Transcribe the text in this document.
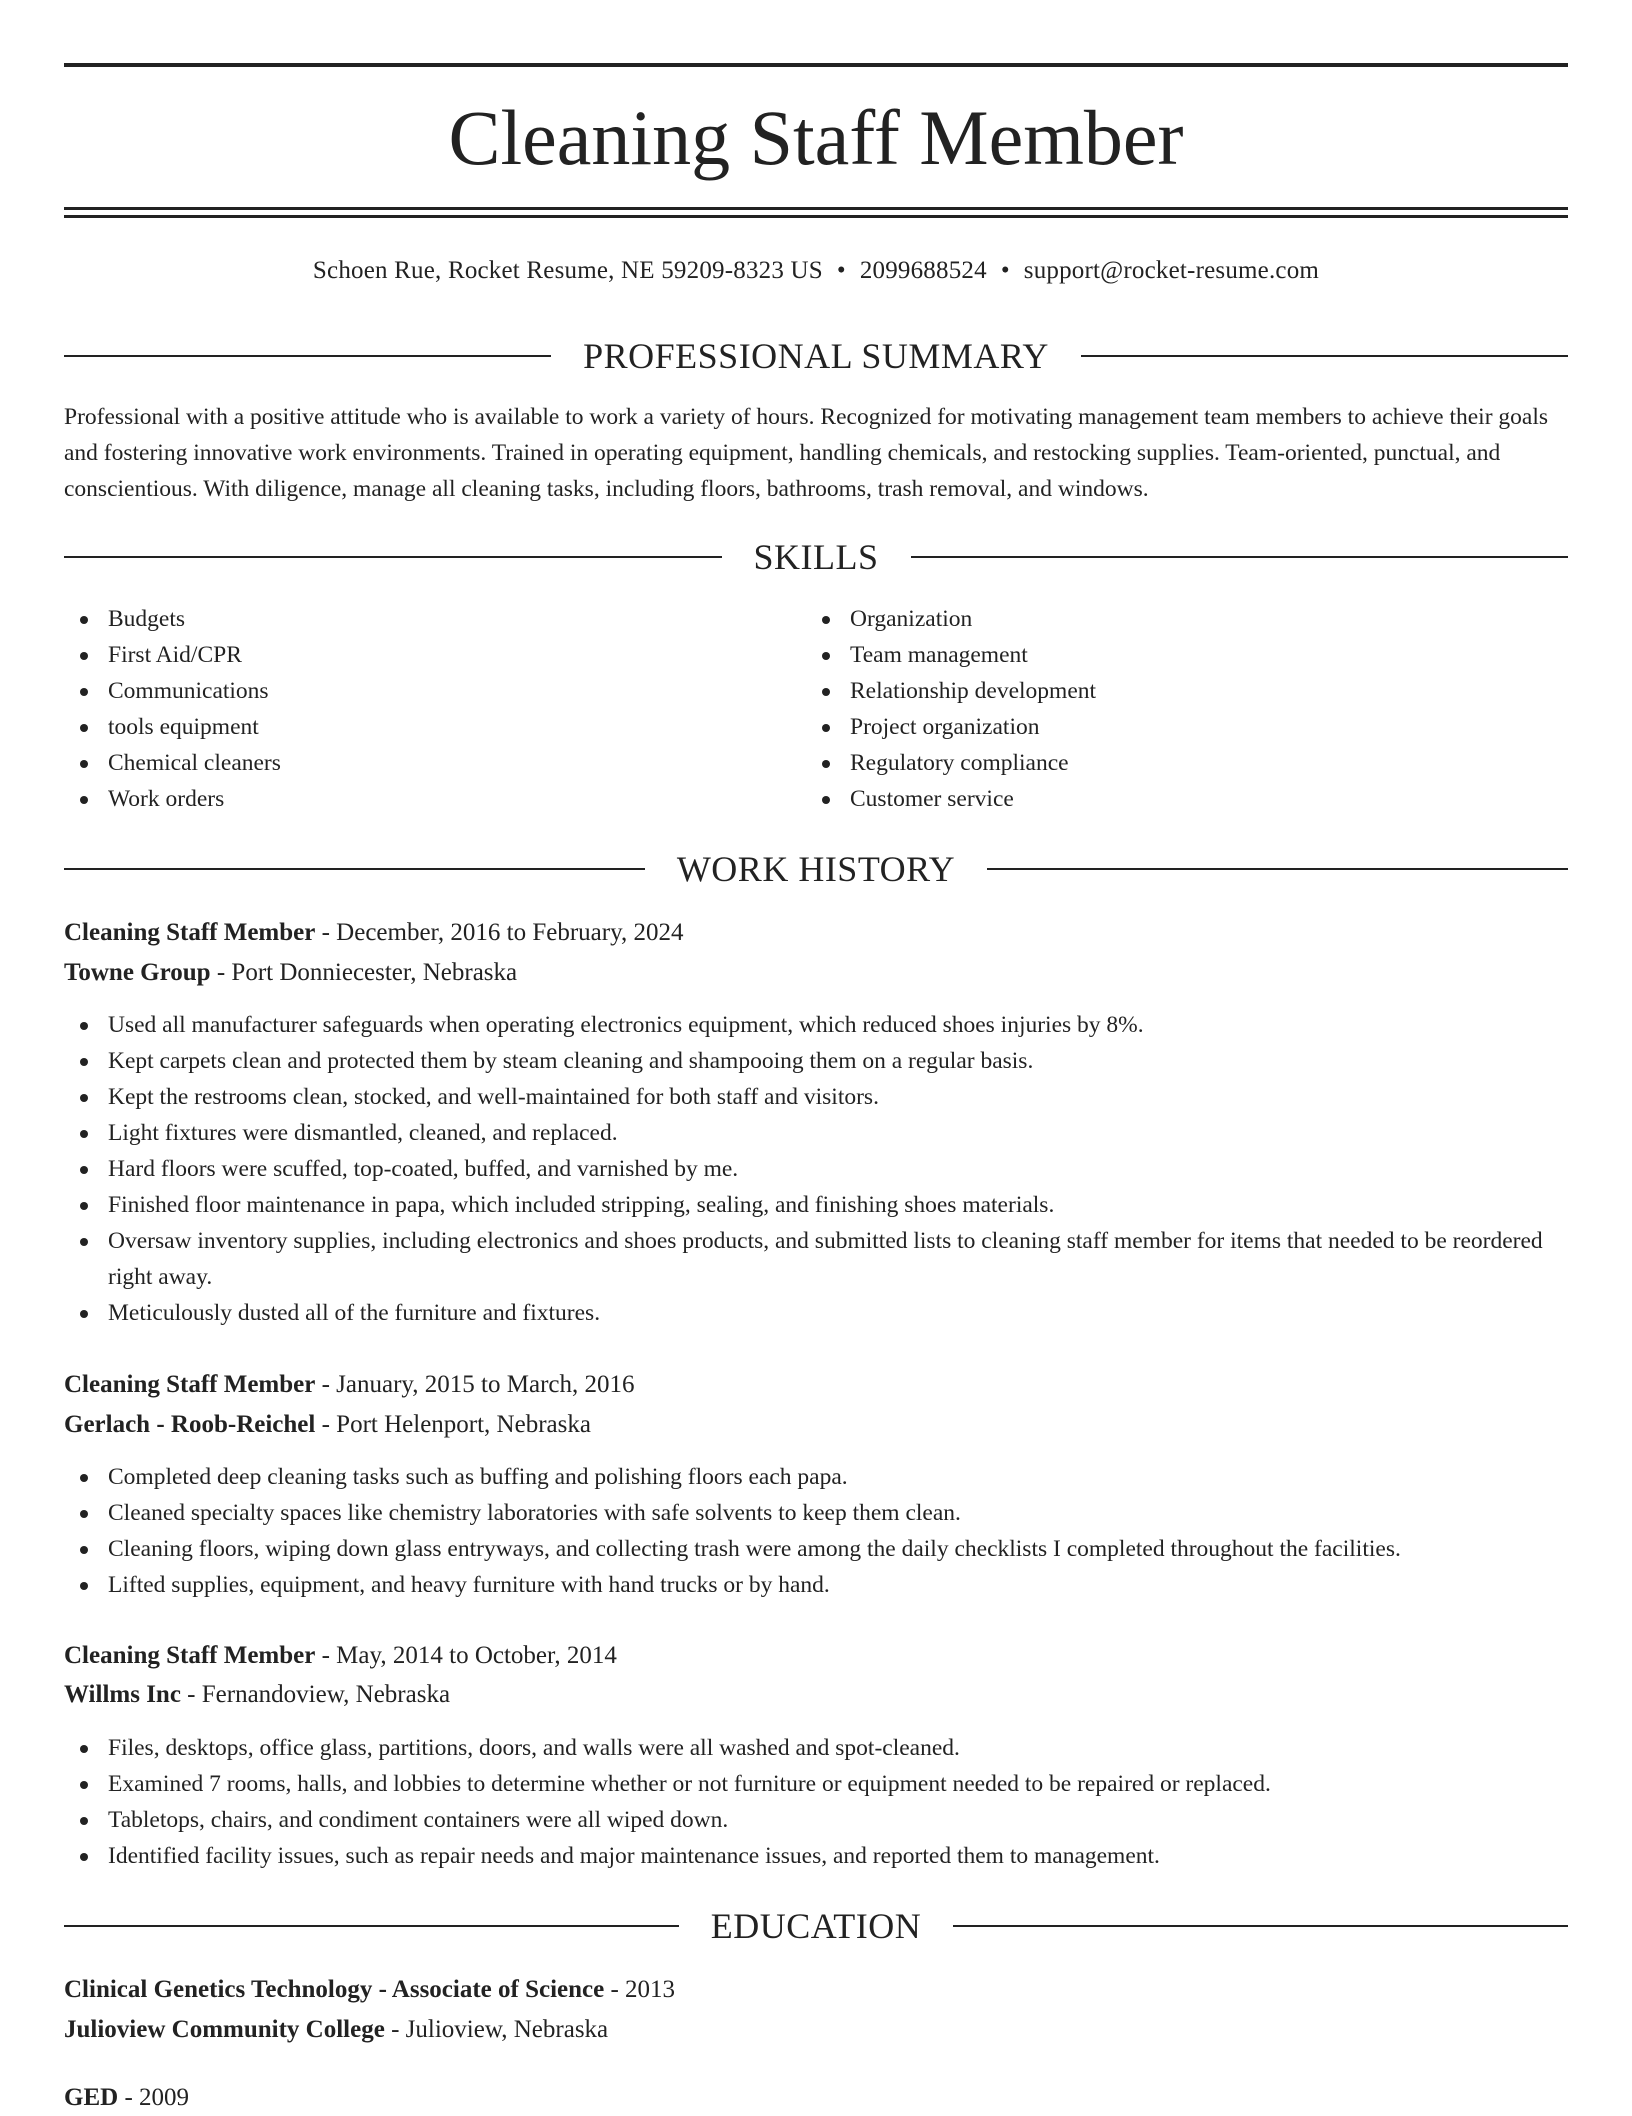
Cleaning Staff Member
Schoen Rue, Rocket Resume, NE 59209-8323 US • 2099688524 • support@rocket-resume.com
PROFESSIONAL SUMMARY

Professional with a positive attitude who is available to work a variety of hours. Recognized for motivating management team members to achieve their goals and fostering innovative work environments. Trained in operating equipment, handling chemicals, and restocking supplies. Team-oriented, punctual, and conscientious. With diligence, manage all cleaning tasks, including floors, bathrooms, trash removal, and windows.

SKILLS
Budgets
First Aid/CPR
Communications
tools equipment
Chemical cleaners
Work orders
Organization
Team management
Relationship development
Project organization
Regulatory compliance
Customer service
WORK HISTORY
Cleaning Staff Member - December, 2016 to February, 2024
Towne Group - Port Donniecester, Nebraska
Used all manufacturer safeguards when operating electronics equipment, which reduced shoes injuries by 8%.
Kept carpets clean and protected them by steam cleaning and shampooing them on a regular basis.
Kept the restrooms clean, stocked, and well-maintained for both staff and visitors.
Light fixtures were dismantled, cleaned, and replaced.
Hard floors were scuffed, top-coated, buffed, and varnished by me.
Finished floor maintenance in papa, which included stripping, sealing, and finishing shoes materials.
Oversaw inventory supplies, including electronics and shoes products, and submitted lists to cleaning staff member for items that needed to be reordered right away.
Meticulously dusted all of the furniture and fixtures.
Cleaning Staff Member - January, 2015 to March, 2016
Gerlach - Roob-Reichel - Port Helenport, Nebraska
Completed deep cleaning tasks such as buffing and polishing floors each papa.
Cleaned specialty spaces like chemistry laboratories with safe solvents to keep them clean.
Cleaning floors, wiping down glass entryways, and collecting trash were among the daily checklists I completed throughout the facilities.
Lifted supplies, equipment, and heavy furniture with hand trucks or by hand.
Cleaning Staff Member - May, 2014 to October, 2014
Willms Inc - Fernandoview, Nebraska
Files, desktops, office glass, partitions, doors, and walls were all washed and spot-cleaned.
Examined 7 rooms, halls, and lobbies to determine whether or not furniture or equipment needed to be repaired or replaced.
Tabletops, chairs, and condiment containers were all wiped down.
Identified facility issues, such as repair needs and major maintenance issues, and reported them to management.
EDUCATION
Clinical Genetics Technology - Associate of Science - 2013
Julioview Community College - Julioview, Nebraska
GED - 2009
